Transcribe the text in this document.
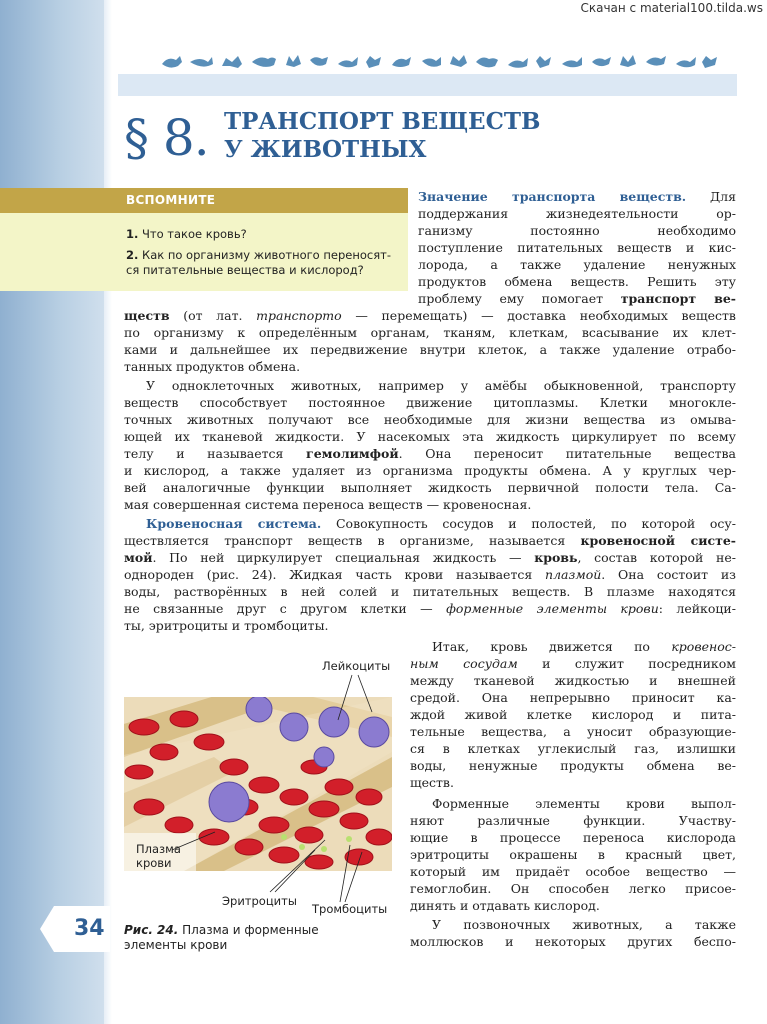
Скачан с material100.tilda.ws
§ 8. ТРАНСПОРТ ВЕЩЕСТВ
У ЖИВОТНЫХ
ВСПОМНИТЕ
1. Что такое кровь?
2. Как по организму животного переносят-ся питательные вещества и кислород?
Значение транспорта веществ. Для
поддержания жизнедеятельности ор-
ганизму постоянно необходимо
поступление питательных веществ и кис-
лорода, а также удаление ненужных
продуктов обмена веществ. Решить эту
проблему ему помогает транспорт ве-
ществ (от лат. транспорто — перемещать) — доставка необходимых веществ
по организму к определённым органам, тканям, клеткам, всасывание их клет-
ками и дальнейшее их передвижение внутри клеток, а также удаление отрабо-
танных продуктов обмена.
У одноклеточных животных, например у амёбы обыкновенной, транспорту
веществ способствует постоянное движение цитоплазмы. Клетки многокле-
точных животных получают все необходимые для жизни вещества из омыва-
ющей их тканевой жидкости. У насекомых эта жидкость циркулирует по всему
телу и называется гемолимфой. Она переносит питательные вещества
и кислород, а также удаляет из организма продукты обмена. А у круглых чер-
вей аналогичные функции выполняет жидкость первичной полости тела. Са-
мая совершенная система переноса веществ — кровеносная.
Кровеносная система. Совокупность сосудов и полостей, по которой осу-
ществляется транспорт веществ в организме, называется кровеносной систе-
мой. По ней циркулирует специальная жидкость — кровь, состав которой не-
однороден (рис. 24). Жидкая часть крови называется плазмой. Она состоит из
воды, растворённых в ней солей и питательных веществ. В плазме находятся
не связанные друг с другом клетки — форменные элементы крови: лейкоци-
ты, эритроциты и тромбоциты.
Итак, кровь движется по кровенос-
ным сосудам и служит посредником
между тканевой жидкостью и внешней
средой. Она непрерывно приносит ка-
ждой живой клетке кислород и пита-
тельные вещества, а уносит образующие-
ся в клетках углекислый газ, излишки
воды, ненужные продукты обмена ве-
ществ.
Форменные элементы крови выпол-
няют различные функции. Участву-
ющие в процессе переноса кислорода
эритроциты окрашены в красный цвет,
который им придаёт особое вещество —
гемоглобин. Он способен легко присое-
динять и отдавать кислород.
У позвоночных животных, а также
моллюсков и некоторых других беспо-
Лейкоциты
Плазма
крови
Эритроциты
Тромбоциты
34 Рис. 24. Плазма и форменные
элементы крови
